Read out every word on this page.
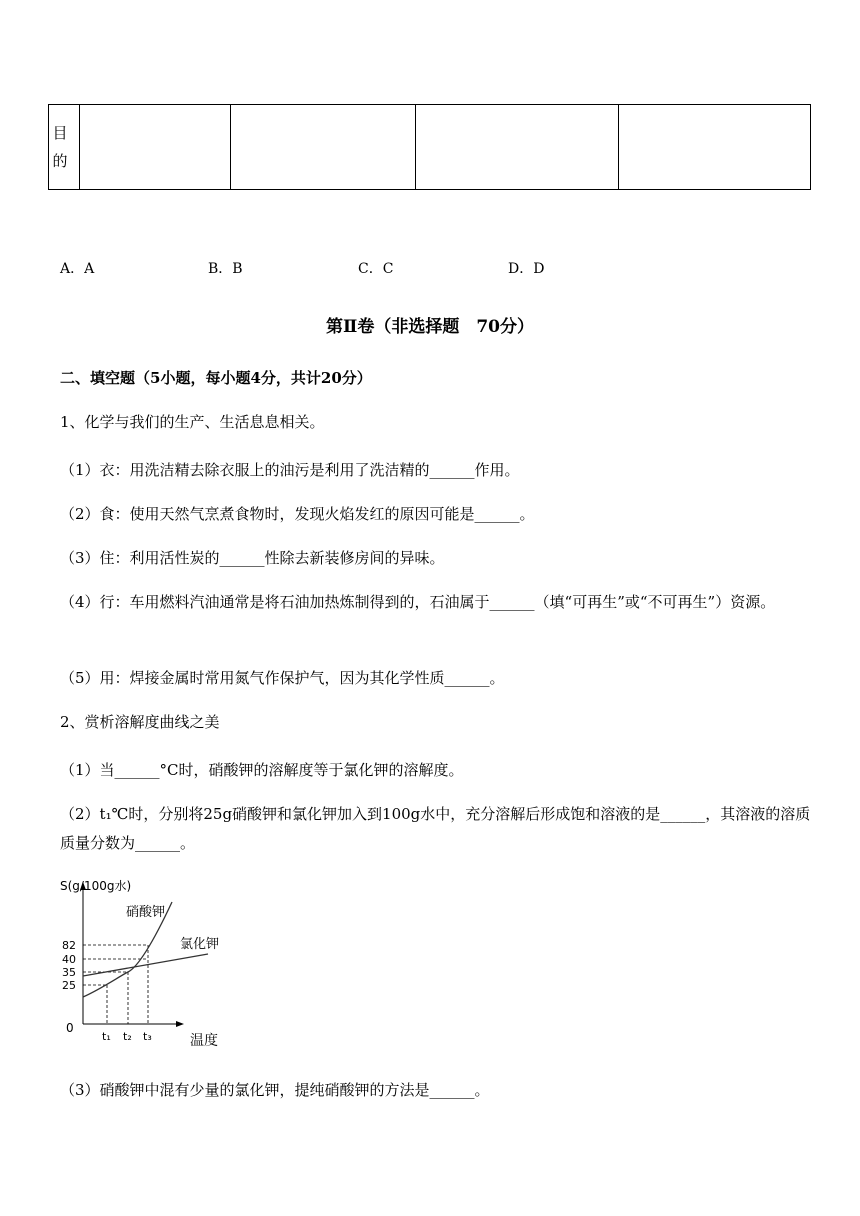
目
的

A．A	B．B	C．C	D．D
第Ⅱ卷（非选择题　70分）
二、填空题（5小题，每小题4分，共计20分）
1、化学与我们的生产、生活息息相关。
（1）衣：用洗洁精去除衣服上的油污是利用了洗洁精的______作用。
（2）食：使用天然气烹煮食物时，发现火焰发红的原因可能是______。
（3）住：利用活性炭的______性除去新装修房间的异味。
（4）行：车用燃料汽油通常是将石油加热炼制得到的，石油属于______（填“可再生”或“不可再生”）资源。
（5）用：焊接金属时常用氮气作保护气，因为其化学性质______。
2、赏析溶解度曲线之美
（1）当______°C时，硝酸钾的溶解度等于氯化钾的溶解度。
（2）t₁℃时，分别将25g硝酸钾和氯化钾加入到100g水中，充分溶解后形成饱和溶液的是______，其溶液的溶质质量分数为______。
S(g/100g水)
温度
0
82
40
35
25
t₁ t₂ t₃
硝酸钾
氯化钾
（3）硝酸钾中混有少量的氯化钾，提纯硝酸钾的方法是______。
